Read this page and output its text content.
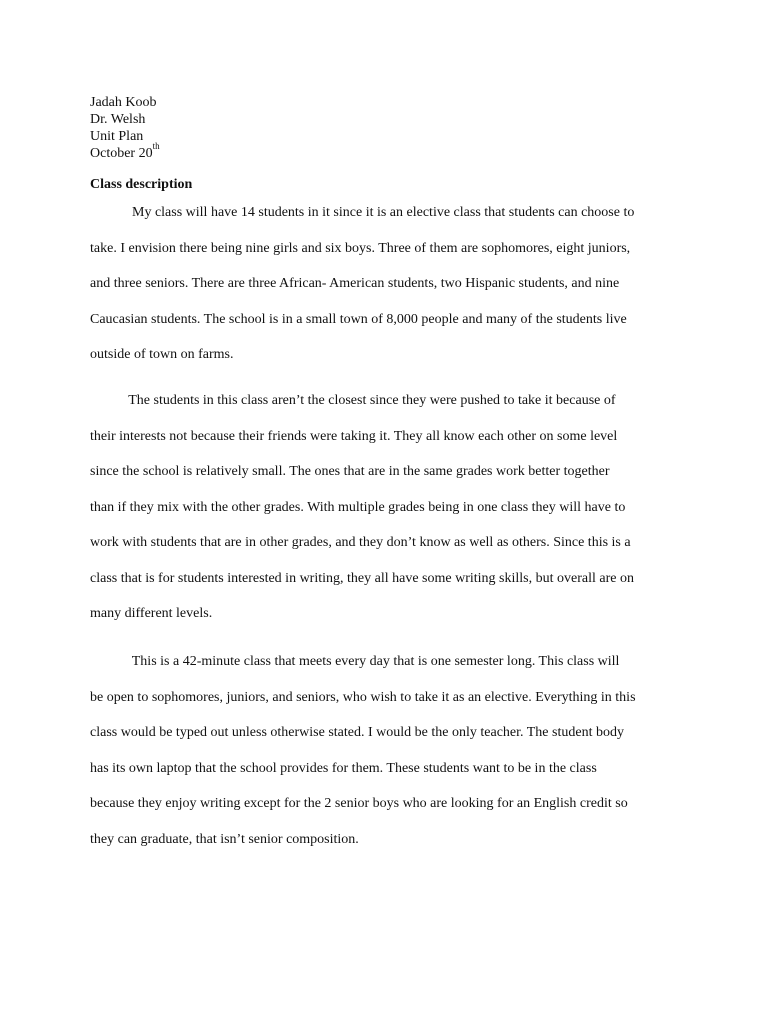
Jadah Koob
Dr. Welsh
Unit Plan
October 20th
Class description
My class will have 14 students in it since it is an elective class that students can choose to
take. I envision there being nine girls and six boys. Three of them are sophomores, eight juniors,
and three seniors. There are three African- American students, two Hispanic students, and nine
Caucasian students. The school is in a small town of 8,000 people and many of the students live
outside of town on farms.
The students in this class aren’t the closest since they were pushed to take it because of
their interests not because their friends were taking it. They all know each other on some level
since the school is relatively small. The ones that are in the same grades work better together
than if they mix with the other grades. With multiple grades being in one class they will have to
work with students that are in other grades, and they don’t know as well as others. Since this is a
class that is for students interested in writing, they all have some writing skills, but overall are on
many different levels.
This is a 42-minute class that meets every day that is one semester long. This class will
be open to sophomores, juniors, and seniors, who wish to take it as an elective. Everything in this
class would be typed out unless otherwise stated. I would be the only teacher. The student body
has its own laptop that the school provides for them. These students want to be in the class
because they enjoy writing except for the 2 senior boys who are looking for an English credit so
they can graduate, that isn’t senior composition.
